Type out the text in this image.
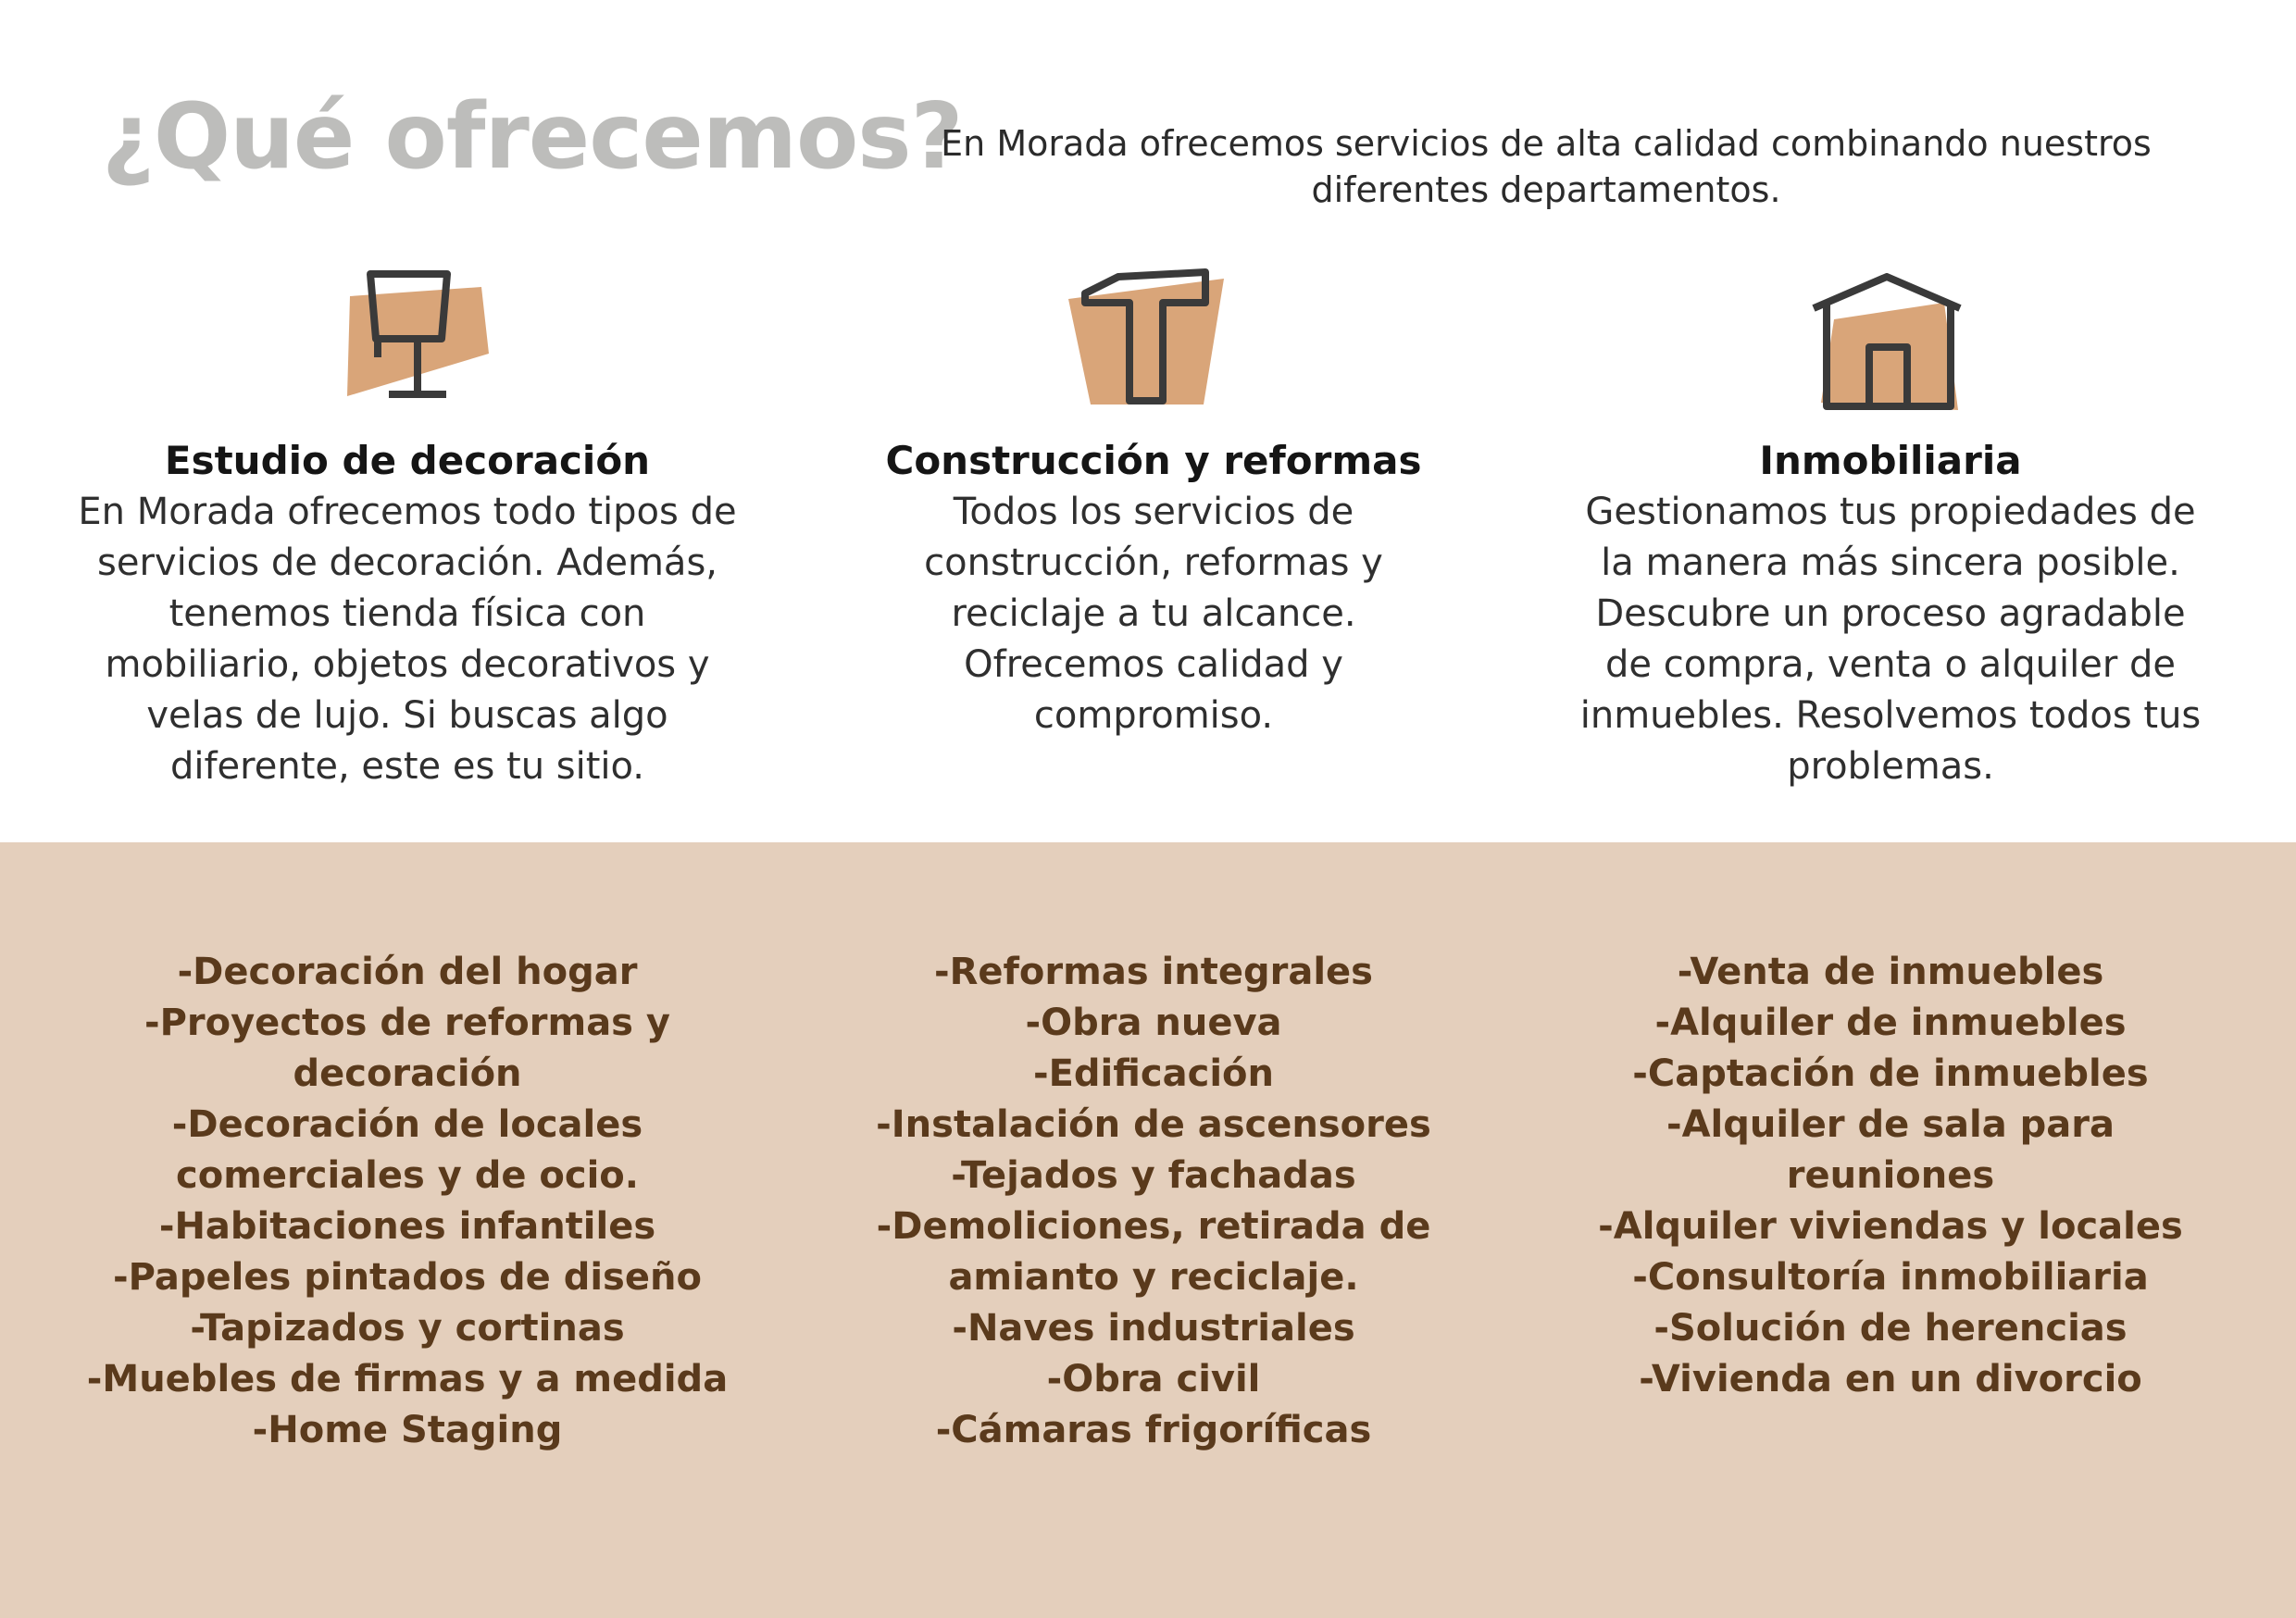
¿Qué ofrecemos?

En Morada ofrecemos servicios de alta calidad combinando nuestros diferentes departamentos.

Estudio de decoración

En Morada ofrecemos todo tipos de
servicios de decoración. Además,
tenemos tienda física con
mobiliario, objetos decorativos y
velas de lujo. Si buscas algo
diferente, este es tu sitio.

Construcción y reformas

Todos los servicios de
construcción, reformas y
reciclaje a tu alcance.
Ofrecemos calidad y
compromiso.

Inmobiliaria

Gestionamos tus propiedades de
la manera más sincera posible.
Descubre un proceso agradable
de compra, venta o alquiler de
inmuebles. Resolvemos todos tus
problemas.

-Decoración del hogar
-Proyectos de reformas y
decoración
-Decoración de locales
comerciales y de ocio.
-Habitaciones infantiles
-Papeles pintados de diseño
-Tapizados y cortinas
-Muebles de firmas y a medida
-Home Staging
-Reformas integrales
-Obra nueva
-Edificación
-Instalación de ascensores
-Tejados y fachadas
-Demoliciones, retirada de
amianto y reciclaje.
-Naves industriales
-Obra civil
-Cámaras frigoríficas
-Venta de inmuebles
-Alquiler de inmuebles
-Captación de inmuebles
-Alquiler de sala para
reuniones
-Alquiler viviendas y locales
-Consultoría inmobiliaria
-Solución de herencias
-Vivienda en un divorcio
